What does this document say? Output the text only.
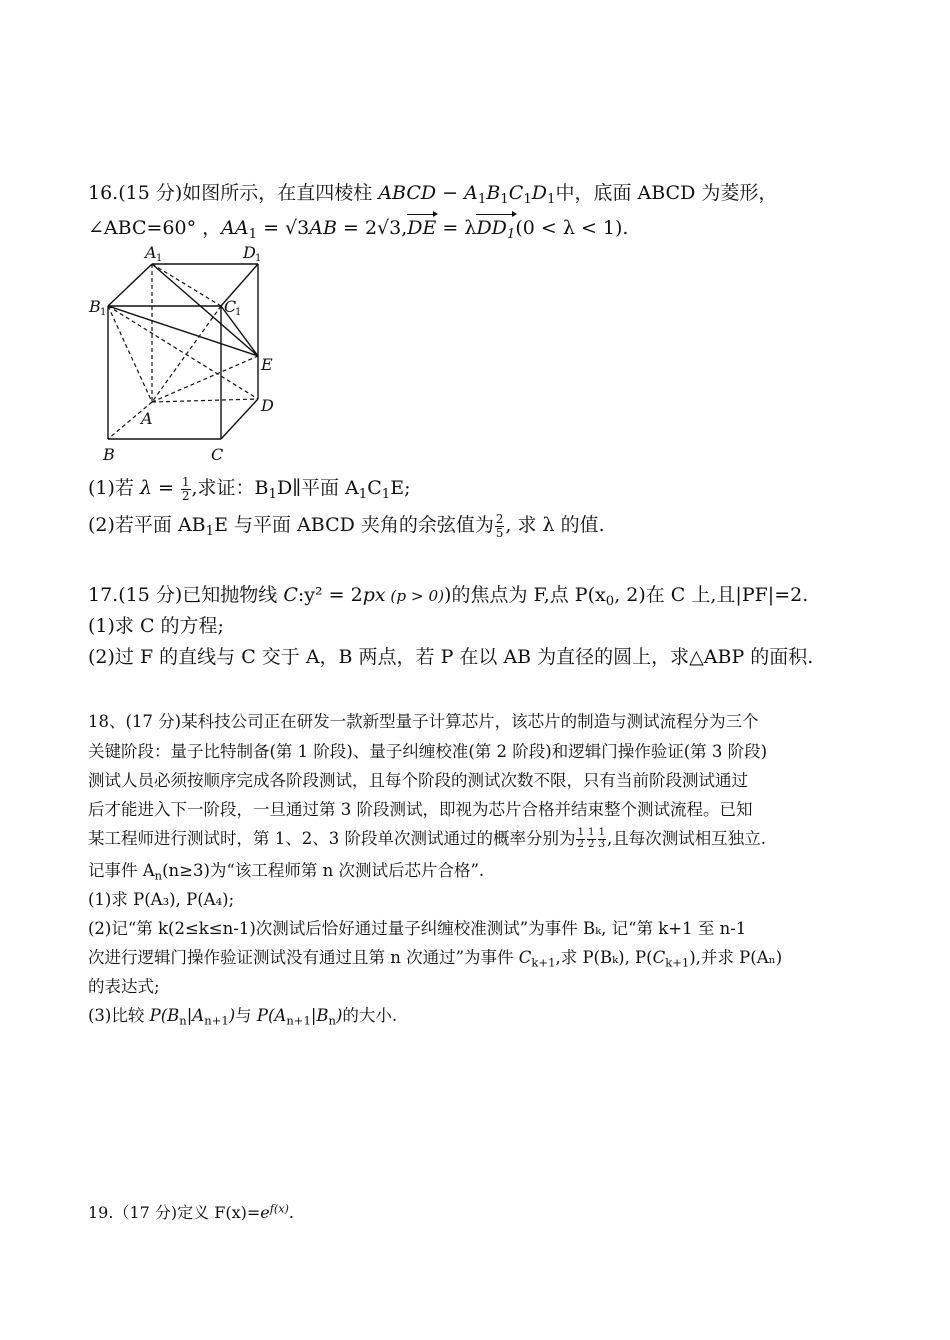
16.(15 分)如图所示，在直四棱柱 ABCD − $A_1B_1C_1D_1$中，底面 ABCD 为菱形，
∠ABC=60° ，$AA_1 = √3AB = 2√3,DE = \lambda DD_1(0 < \lambda < 1)$.
A 1	D 1
B 1	C
1
E
A
D
B	C
(1)若 $\lambda = \frac{1}{2}$ ,求证：$B_1D\parallel$平面 $A_1C_1E$;
(2)若平面 $AB_1E$ 与平面 ABCD 夹角的余弦值为 $\frac{2}{5}$ , 求 λ 的值.
17.(15 分)已知抛物线 C:y² = 2px (p > 0))的焦点为 F,点 $P(x_0$, 2)在 C 上,且|PF|=2.
(1)求 C 的方程;
(2)过 F 的直线与 C 交于 A，B 两点，若 P 在以 AB 为直径的圆上，求△ABP 的面积.
18、(17 分)某科技公司正在研发一款新型量子计算芯片，该芯片的制造与测试流程分为三个
关键阶段：量子比特制备(第 1 阶段)、量子纠缠校准(第 2 阶段)和逻辑门操作验证(第 3 阶段)
测试人员必须按顺序完成各阶段测试，且每个阶段的测试次数不限，只有当前阶段测试通过
后才能进入下一阶段，一旦通过第 3 阶段测试，即视为芯片合格并结束整个测试流程。已知
某工程师进行测试时，第 1、2、3 阶段单次测试通过的概率分别为 $\frac{1}{2} \frac{1}{2} \frac{1}{3}$ ,且每次测试相互独立.
记事件 $A_n(n\ge 3)$为“该工程师第 n 次测试后芯片合格”.
(1)求 P(A₃), P(A₄);
(2)记“第 k(2≤k≤n-1)次测试后恰好通过量子纠缠校准测试”为事件 Bₖ, 记“第 k+1 至 n-1
次进行逻辑门操作验证测试没有通过且第 n 次通过”为事件 $C_{k+1}$,求 P(Bₖ), $P(C_{k+1})$,并求 P(Aₙ)
的表达式;
(3)比较 $P(B_n|A_{n+1})$与 $P(A_{n+1}|B_n)$的大小.
19.（17 分)定义 $F(x)=e^{f(x)}$.
